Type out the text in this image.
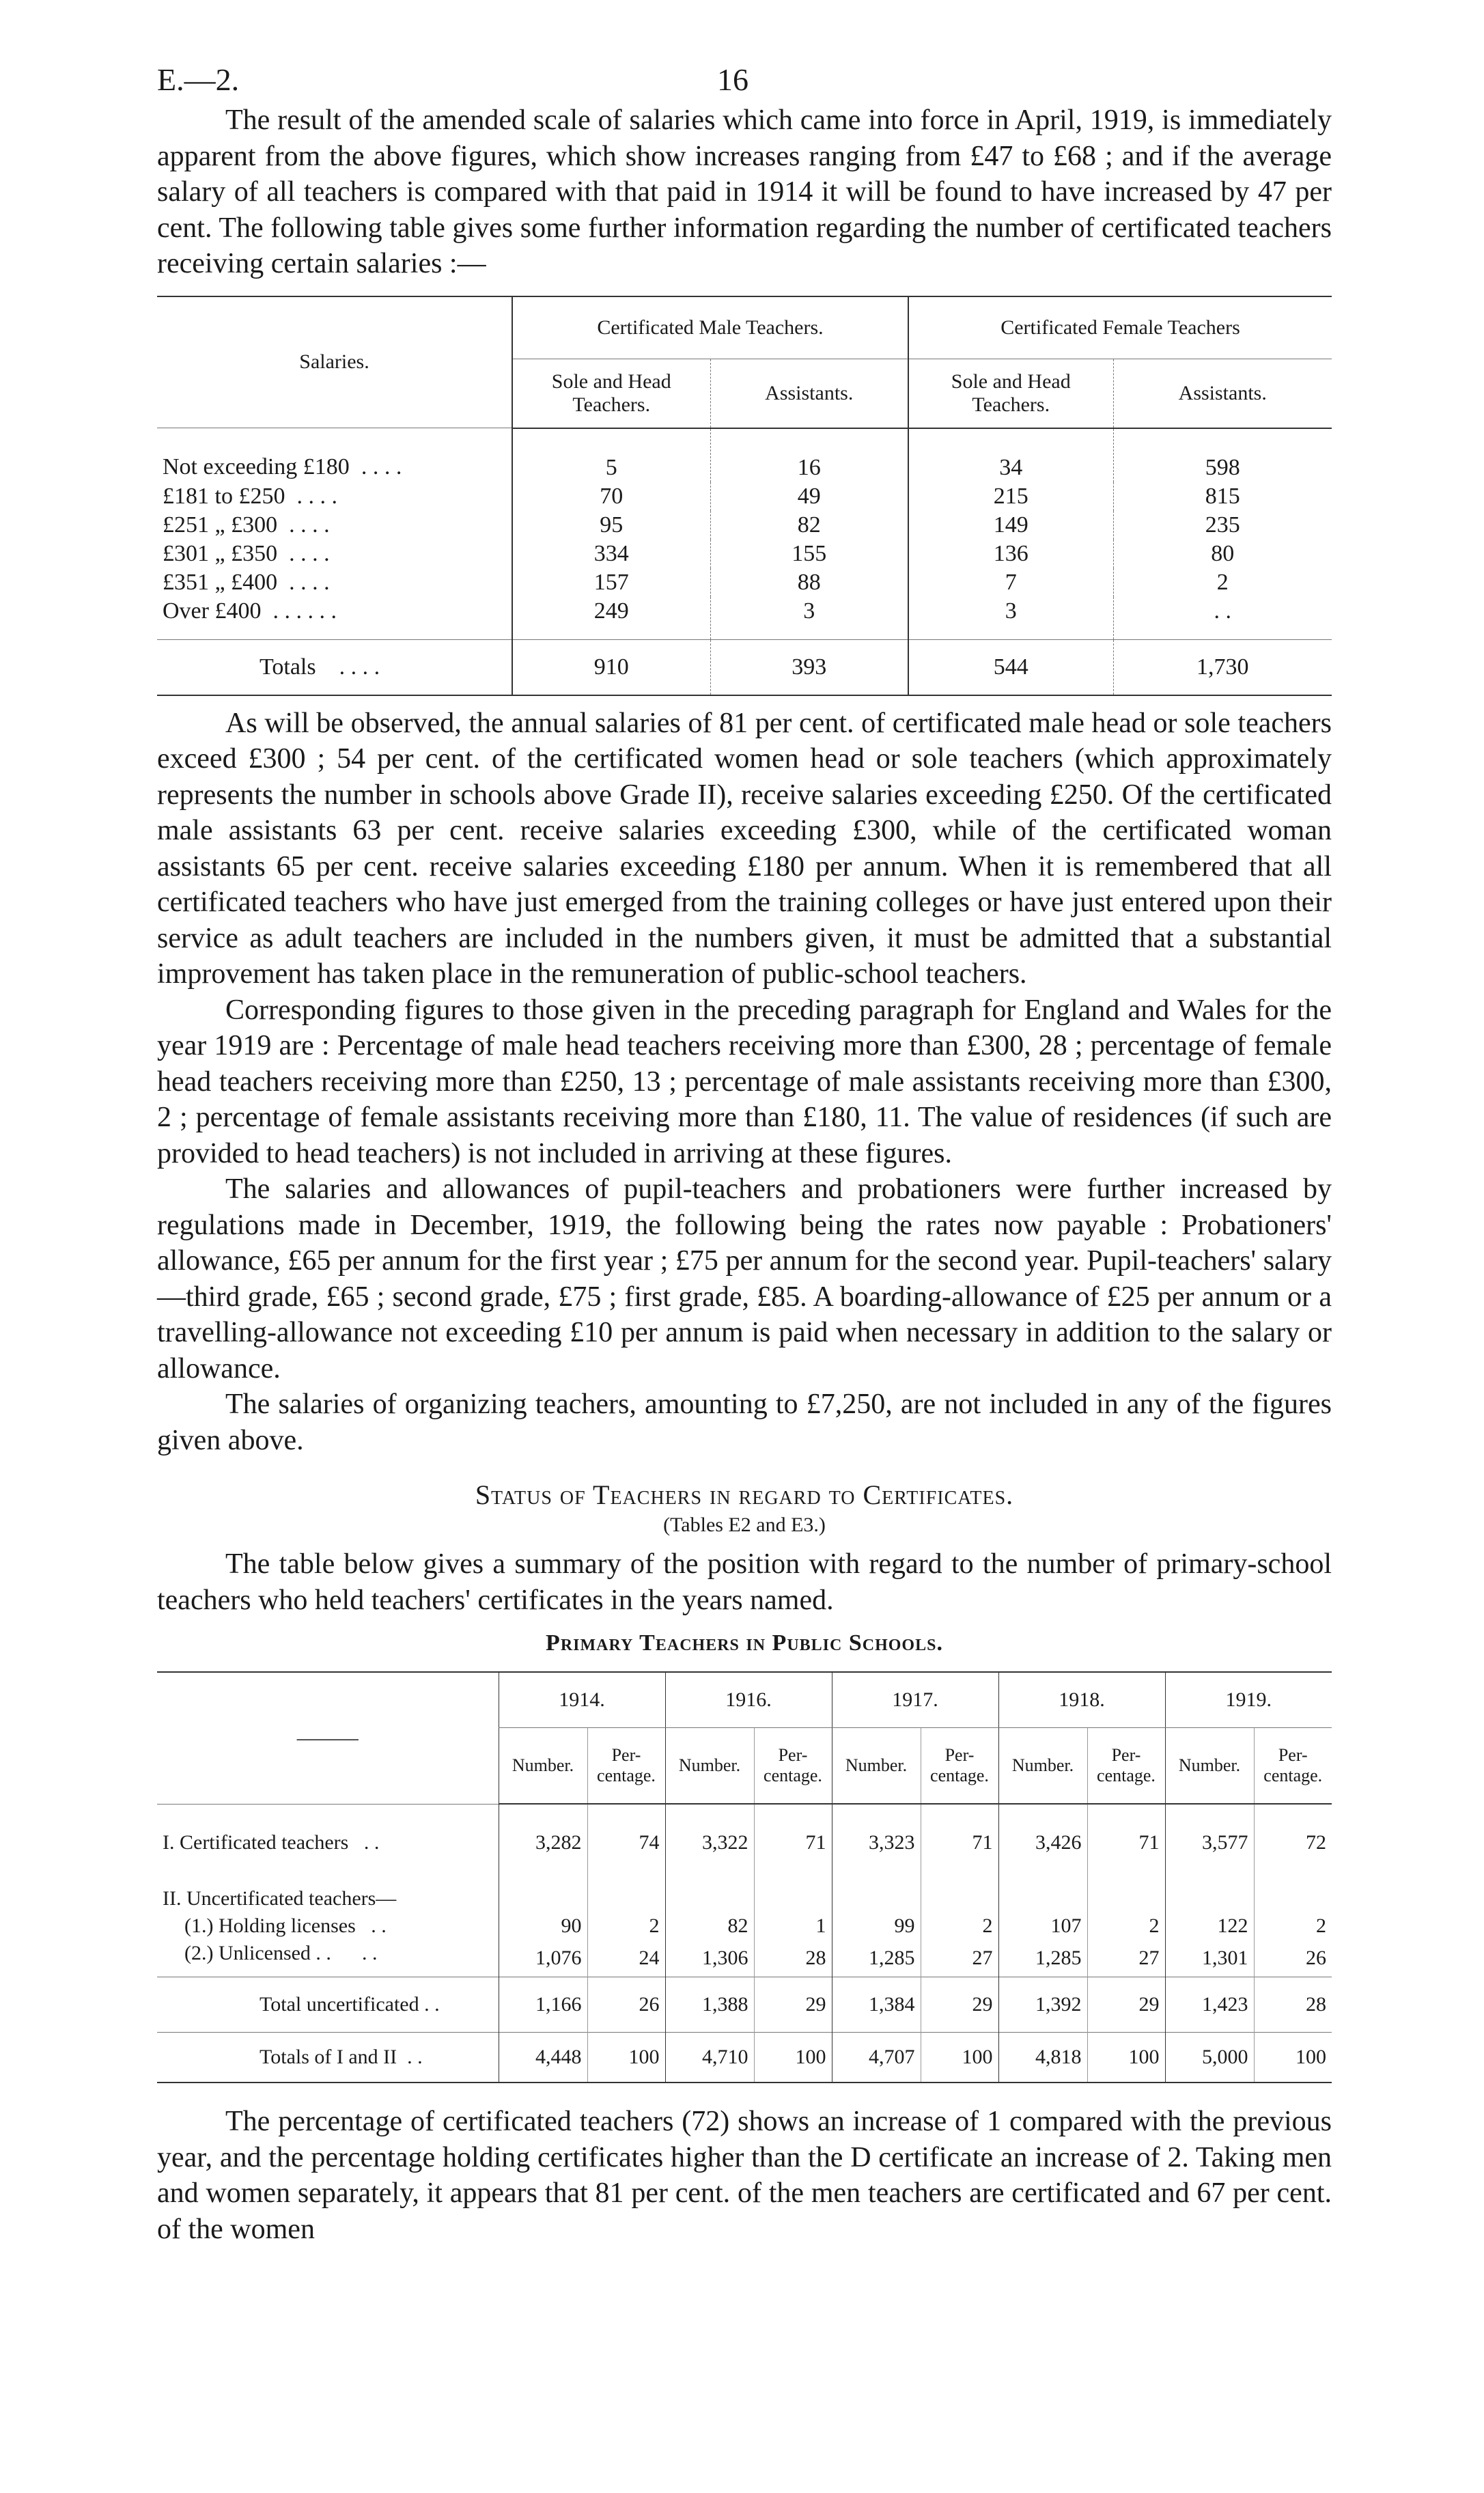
E.—2.	16

The result of the amended scale of salaries which came into force in April, 1919, is immediately apparent from the above figures, which show increases ranging from £47 to £68 ; and if the average salary of all teachers is compared with that paid in 1914 it will be found to have increased by 47 per cent. The following table gives some further information regarding the number of certificated teachers receiving certain salaries :—

Salaries.	Certificated Male Teachers.		Certificated Female Teachers	
	Sole and Head Teachers.	Assistants.	Sole and Head Teachers.	Assistants.
Not exceeding £180 . . . .	5	16	34	598
£181 to £250 . . . .	70	49	215	815
£251 „ £300 . . . .	95	82	149	235
£301 „ £350 . . . .	334	155	136	80
£351 „ £400 . . . .	157	88	7	2
Over £400 . . . . . .	249	3	3	. .
Totals . . . .	910	393	544	1,730

As will be observed, the annual salaries of 81 per cent. of certificated male head or sole teachers exceed £300 ; 54 per cent. of the certificated women head or sole teachers (which approximately represents the number in schools above Grade II), receive salaries exceeding £250. Of the certificated male assistants 63 per cent. receive salaries exceeding £300, while of the certificated woman assistants 65 per cent. receive salaries exceeding £180 per annum. When it is remembered that all certificated teachers who have just emerged from the training colleges or have just entered upon their service as adult teachers are included in the numbers given, it must be admitted that a substantial improvement has taken place in the remuneration of public-school teachers.

Corresponding figures to those given in the preceding paragraph for England and Wales for the year 1919 are : Percentage of male head teachers receiving more than £300, 28 ; percentage of female head teachers receiving more than £250, 13 ; percentage of male assistants receiving more than £300, 2 ; percentage of female assistants receiving more than £180, 11. The value of residences (if such are provided to head teachers) is not included in arriving at these figures.

The salaries and allowances of pupil-teachers and probationers were further increased by regulations made in December, 1919, the following being the rates now payable : Probationers' allowance, £65 per annum for the first year ; £75 per annum for the second year. Pupil-teachers' salary—third grade, £65 ; second grade, £75 ; first grade, £85. A boarding-allowance of £25 per annum or a travelling-allowance not exceeding £10 per annum is paid when necessary in addition to the salary or allowance.

The salaries of organizing teachers, amounting to £7,250, are not included in any of the figures given above.

Status of Teachers in regard to Certificates.
(Tables E2 and E3.)

The table below gives a summary of the position with regard to the number of primary-school teachers who held teachers' certificates in the years named.

Primary Teachers in Public Schools.
———	1914.		1916.		1917.		1918.		1919.	
	Number.	Per-centage.	Number.	Per-centage.	Number.	Per-centage.	Number.	Per-centage.	Number.	Per-centage.
I. Certificated teachers . .	3,282	74	3,322	71	3,323	71	3,426	71	3,577	72
II. Uncertificated teachers—										
(1.) Holding licenses . .	90	2	82	1	99	2	107	2	122	2
(2.) Unlicensed . . . .	1,076	24	1,306	28	1,285	27	1,285	27	1,301	26
Total uncertificated . .	1,166	26	1,388	29	1,384	29	1,392	29	1,423	28
Totals of I and II . .	4,448	100	4,710	100	4,707	100	4,818	100	5,000	100

The percentage of certificated teachers (72) shows an increase of 1 compared with the previous year, and the percentage holding certificates higher than the D certificate an increase of 2. Taking men and women separately, it appears that 81 per cent. of the men teachers are certificated and 67 per cent. of the women
